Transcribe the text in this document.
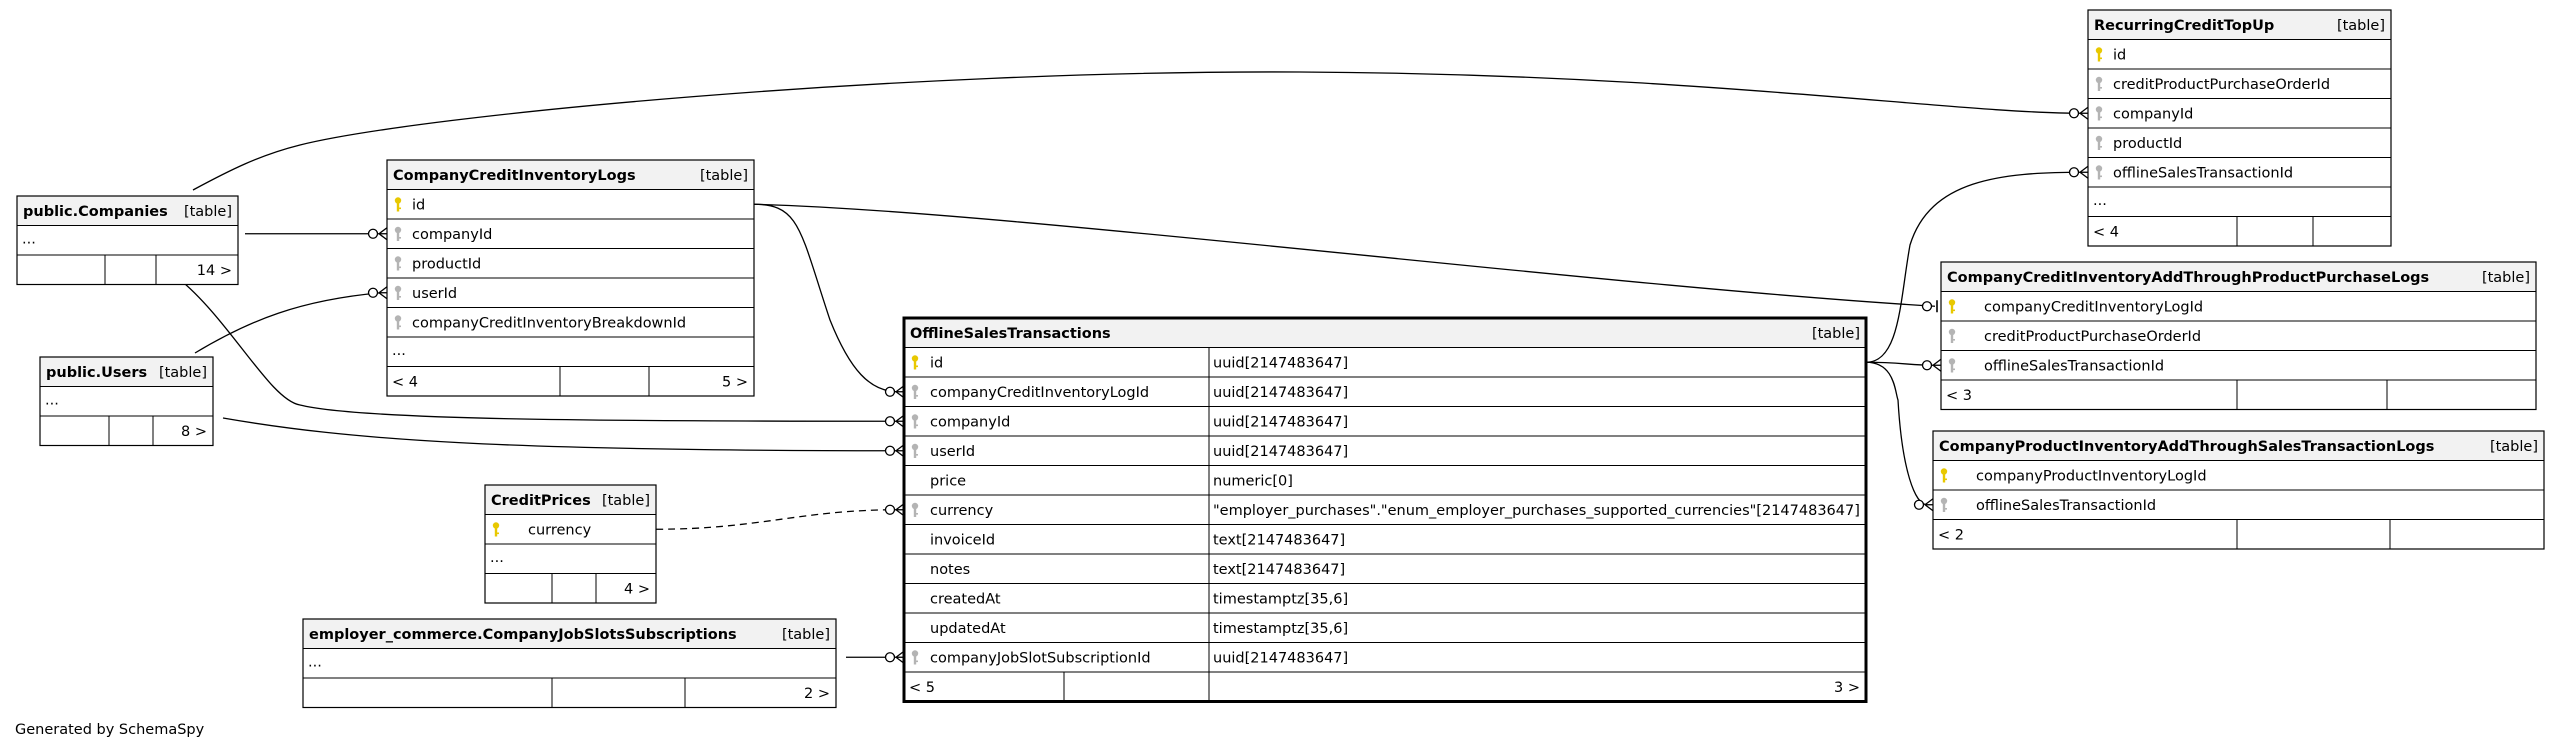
public.Companies [table]
...
14 >
public.Users [table]
...
8 >
CompanyCreditInventoryLogs	[table]
id
companyId
productId
userId
companyCreditInventoryBreakdownId
...
< 4	5 >
CreditPrices [table]
currency
...
4 >
employer_commerce.CompanyJobSlotsSubscriptions	[table]
...
2 >
OfflineSalesTransactions	[table]
id	uuid[2147483647]
companyCreditInventoryLogId	uuid[2147483647]
companyId	uuid[2147483647]
userId	uuid[2147483647]
price	numeric[0]
currency	"employer_purchases"."enum_employer_purchases_supported_currencies"[2147483647]
invoiceId	text[2147483647]
notes	text[2147483647]
createdAt	timestamptz[35,6]
updatedAt	timestamptz[35,6]
companyJobSlotSubscriptionId	uuid[2147483647]
< 5	3 >
RecurringCreditTopUp	[table]
id
creditProductPurchaseOrderId
companyId
productId
offlineSalesTransactionId
...
< 4
CompanyCreditInventoryAddThroughProductPurchaseLogs	[table]
companyCreditInventoryLogId
creditProductPurchaseOrderId
offlineSalesTransactionId
< 3
CompanyProductInventoryAddThroughSalesTransactionLogs	[table]
companyProductInventoryLogId
offlineSalesTransactionId
< 2
Generated by SchemaSpy
